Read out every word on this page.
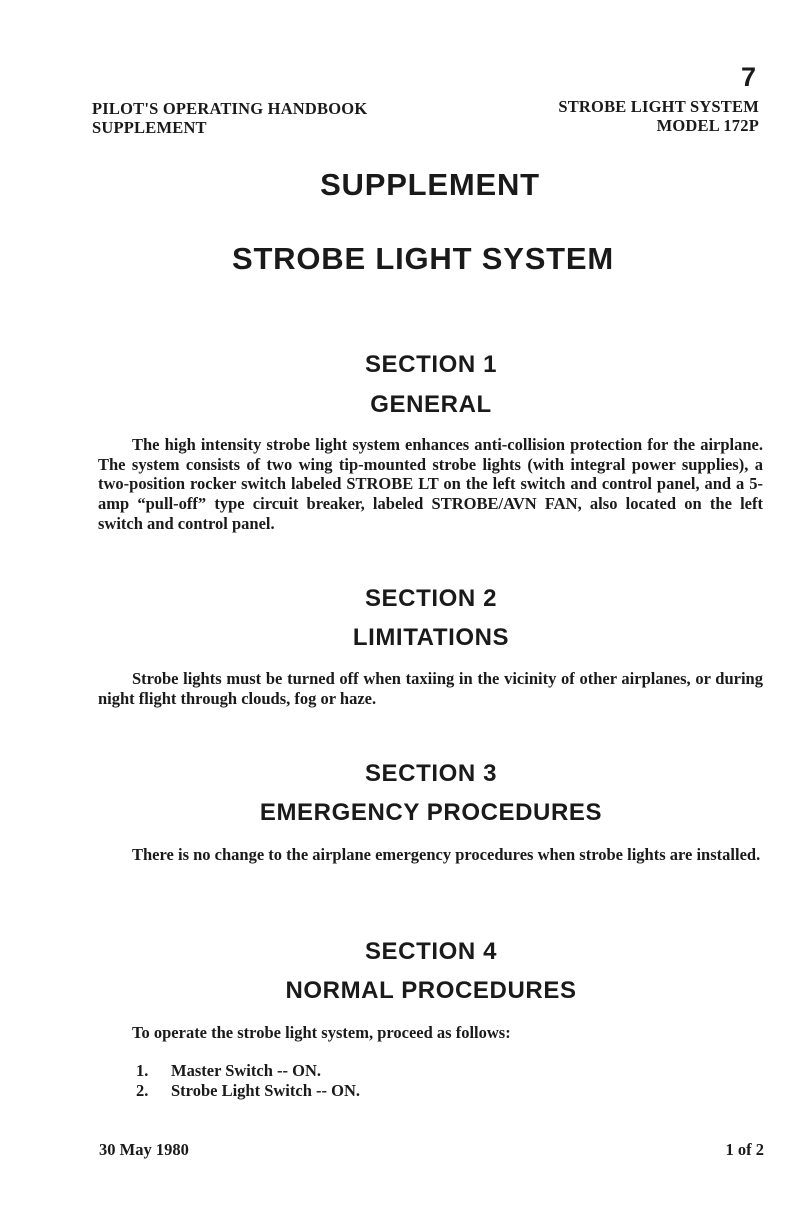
7
PILOT'S OPERATING HANDBOOK
SUPPLEMENT
STROBE LIGHT SYSTEM
MODEL 172P
SUPPLEMENT
STROBE LIGHT SYSTEM
SECTION 1
GENERAL

The high intensity strobe light system enhances anti-collision protection for the airplane. The system consists of two wing tip-mounted strobe lights (with integral power supplies), a two-position rocker switch labeled STROBE LT on the left switch and control panel, and a 5-amp “pull-off” type circuit breaker, labeled STROBE/AVN FAN, also located on the left switch and control panel.

SECTION 2
LIMITATIONS

Strobe lights must be turned off when taxiing in the vicinity of other airplanes, or during night flight through clouds, fog or haze.

SECTION 3
EMERGENCY PROCEDURES

There is no change to the airplane emergency procedures when strobe lights are installed.

SECTION 4
NORMAL PROCEDURES

To operate the strobe light system, proceed as follows:

1.	Master Switch -- ON.
2.	Strobe Light Switch -- ON.
30 May 1980	1 of 2
